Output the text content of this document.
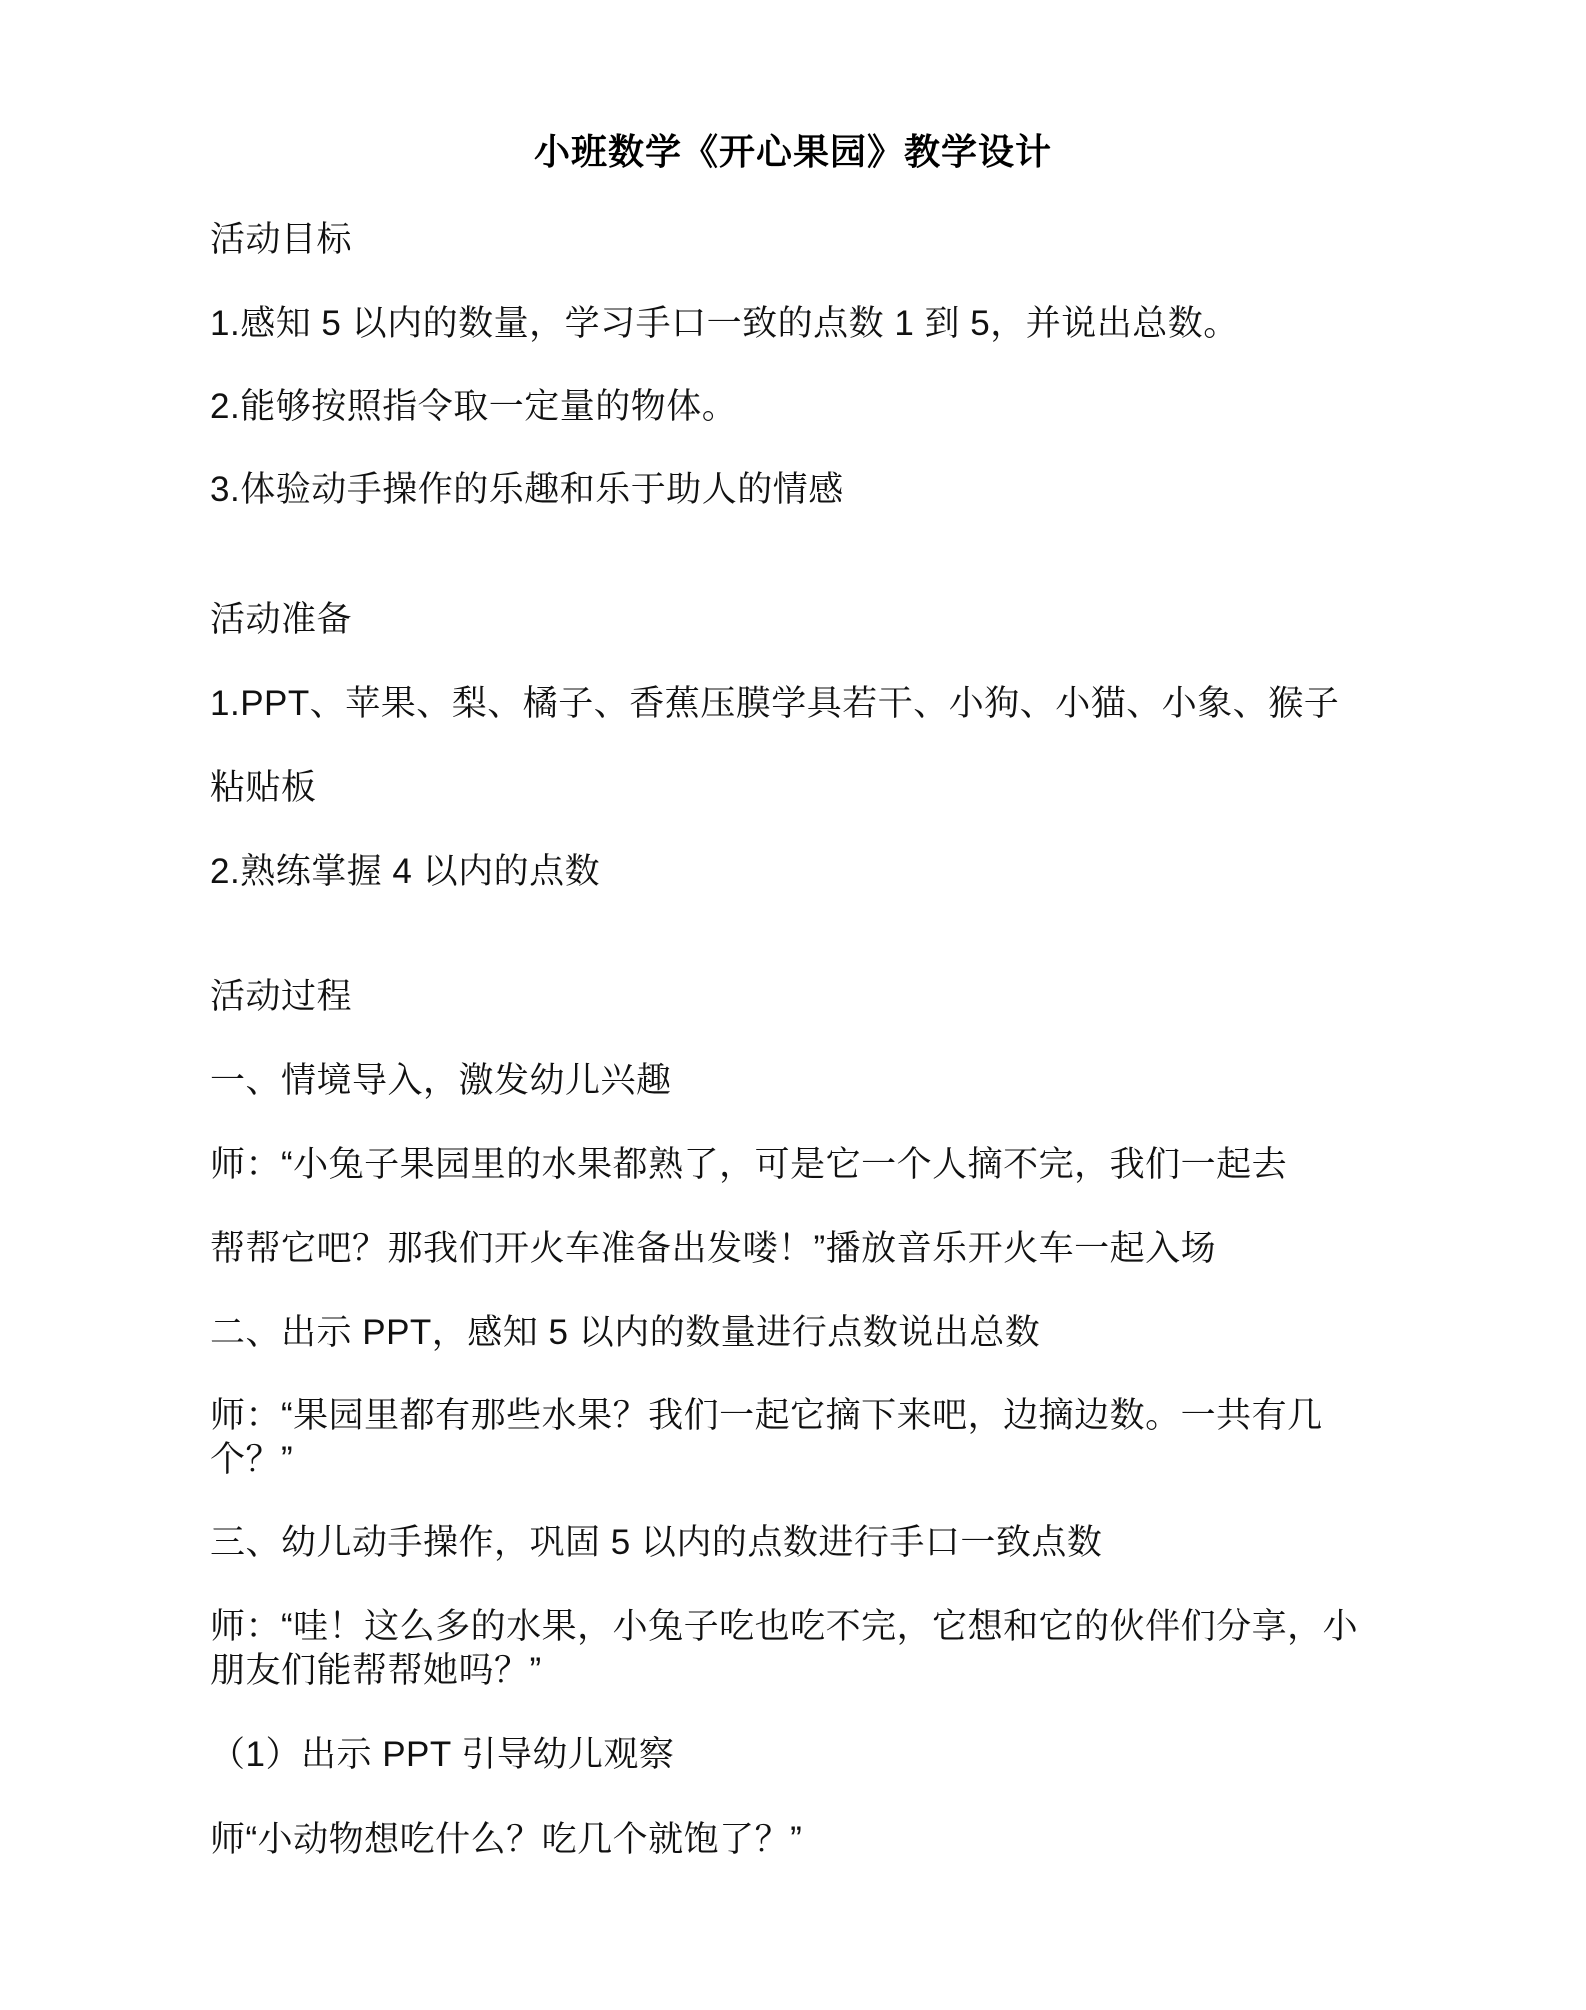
小班数学《开心果园》教学设计
活动目标
1.感知 5 以内的数量，学习手口一致的点数 1 到 5，并说出总数。
2.能够按照指令取一定量的物体。
3.体验动手操作的乐趣和乐于助人的情感
活动准备
1.PPT、苹果、梨、橘子、香蕉压膜学具若干、小狗、小猫、小象、猴子
粘贴板
2.熟练掌握 4 以内的点数
活动过程
一、情境导入，激发幼儿兴趣
师：“小兔子果园里的水果都熟了，可是它一个人摘不完，我们一起去
帮帮它吧？那我们开火车准备出发喽！”播放音乐开火车一起入场
二、出示 PPT，感知 5 以内的数量进行点数说出总数
师：“果园里都有那些水果？我们一起它摘下来吧，边摘边数。一共有几个？”
三、幼儿动手操作，巩固 5 以内的点数进行手口一致点数
师：“哇！这么多的水果，小兔子吃也吃不完，它想和它的伙伴们分享，小朋友们能帮帮她吗？”
（1）出示 PPT 引导幼儿观察
师“小动物想吃什么？吃几个就饱了？”
